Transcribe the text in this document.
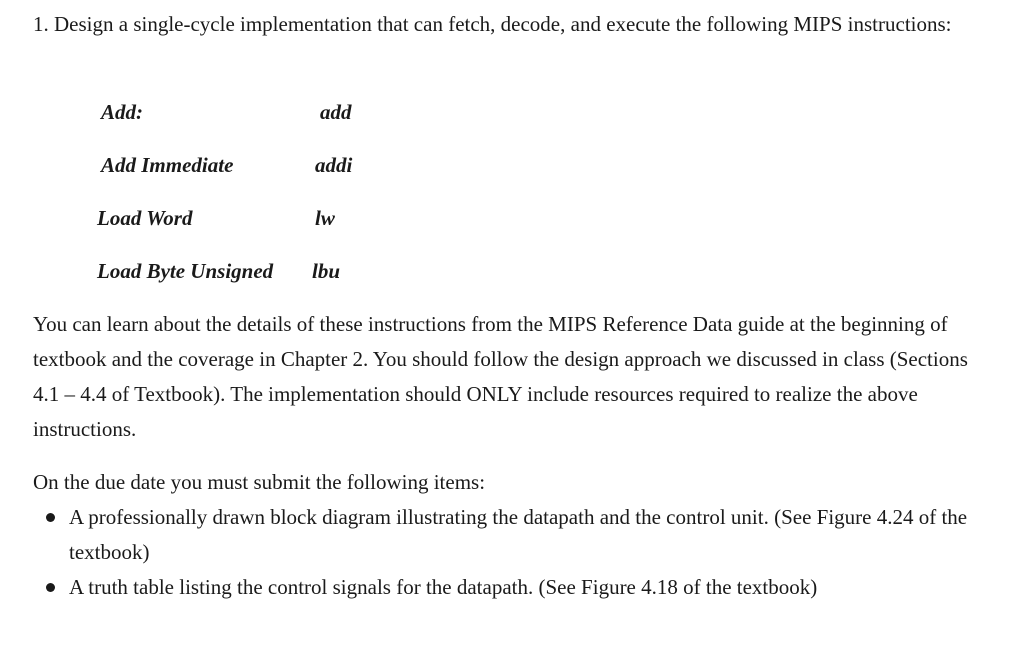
1. Design a single-cycle implementation that can fetch, decode, and execute the following MIPS instructions:

Add:	add
Add Immediate	addi
Load Word	lw
Load Byte Unsigned lbu

You can learn about the details of these instructions from the MIPS Reference Data guide at the beginning of textbook and the coverage in Chapter 2. You should follow the design approach we discussed in class (Sections 4.1 – 4.4 of Textbook). The implementation should ONLY include resources required to realize the above instructions.

On the due date you must submit the following items:

A professionally drawn block diagram illustrating the datapath and the control unit. (See Figure 4.24 of the textbook)
A truth table listing the control signals for the datapath. (See Figure 4.18 of the textbook)
